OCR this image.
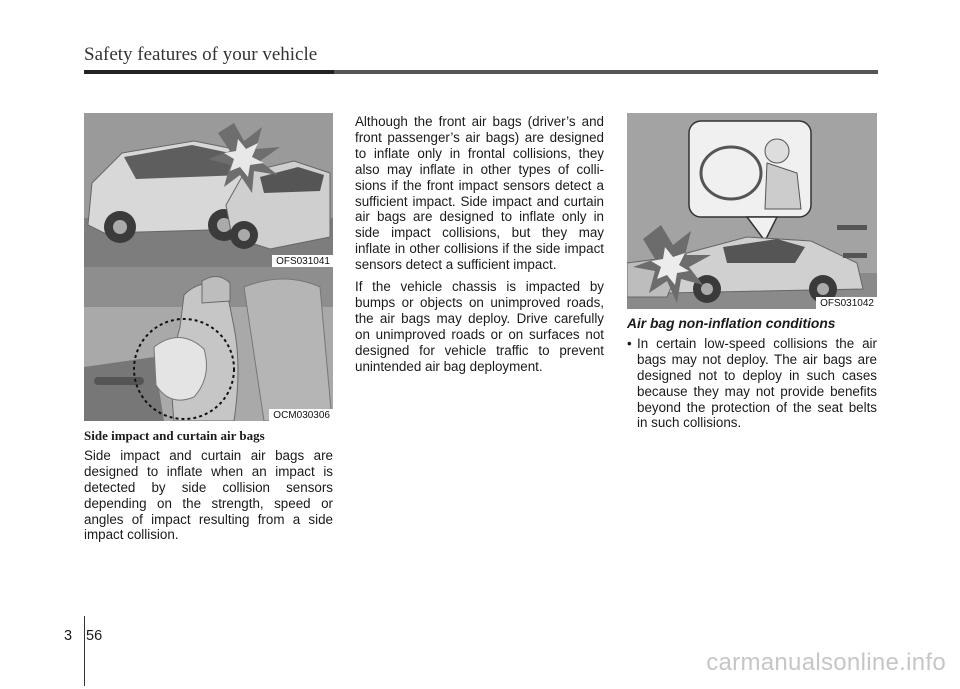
Safety features of your vehicle
OFS031041
OCM030306
OFS031042
Side impact and curtain air bags

Side impact and curtain air bags are designed to inflate when an impact is detected by side collision sensors depending on the strength, speed or angles of impact resulting from a side impact collision.

Although the front air bags (driver’s and front passenger’s air bags) are designed to inflate only in frontal collisions, they also may inflate in other types of colli-sions if the front impact sensors detect a sufficient impact. Side impact and curtain air bags are designed to inflate only in side impact collisions, but they may inflate in other collisions if the side impact sensors detect a sufficient impact.

If the vehicle chassis is impacted by bumps or objects on unimproved roads, the air bags may deploy. Drive carefully on unimproved roads or on surfaces not designed for vehicle traffic to prevent unintended air bag deployment.

Air bag non-inflation conditions
• In certain low-speed collisions the air bags may not deploy. The air bags are designed not to deploy in such cases because they may not provide benefits beyond the protection of the seat belts in such collisions.
3 56
carmanualsonline.info
